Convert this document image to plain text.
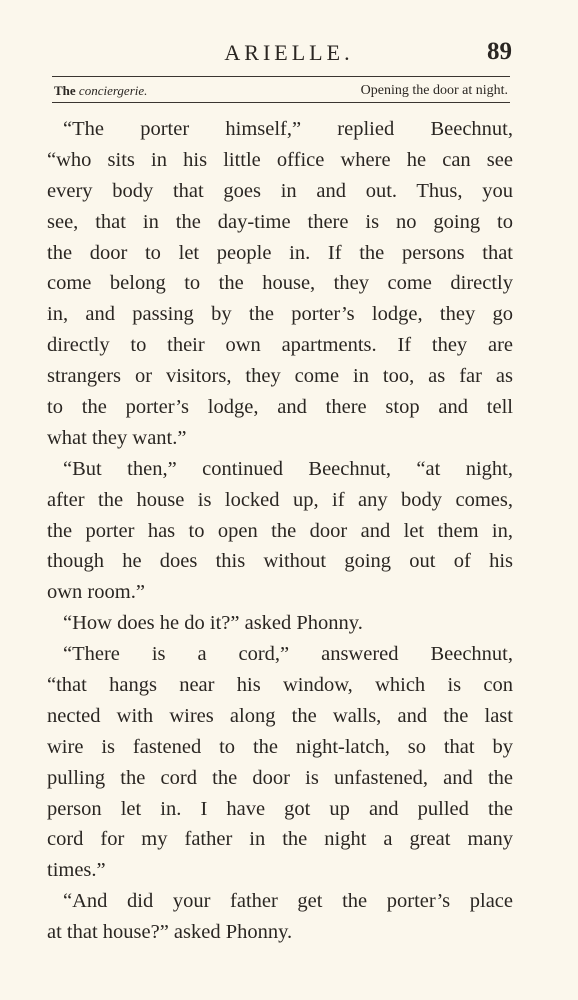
ARIELLE.	89
The conciergerie.	Opening the door at night.
“The porter himself,” replied Beechnut,
“who sits in his little office where he can see
every body that goes in and out. Thus, you
see, that in the day-time there is no going to
the door to let people in. If the persons that
come belong to the house, they come directly
in, and passing by the porter’s lodge, they go
directly to their own apartments. If they are
strangers or visitors, they come in too, as far as
to the porter’s lodge, and there stop and tell
what they want.”
“But then,” continued Beechnut, “at night,
after the house is locked up, if any body comes,
the porter has to open the door and let them in,
though he does this without going out of his
own room.”
“How does he do it?” asked Phonny.
“There is a cord,” answered Beechnut,
“that hangs near his window, which is con
nected with wires along the walls, and the last
wire is fastened to the night-latch, so that by
pulling the cord the door is unfastened, and the
person let in. I have got up and pulled the
cord for my father in the night a great many
times.”
“And did your father get the porter’s place
at that house?” asked Phonny.
